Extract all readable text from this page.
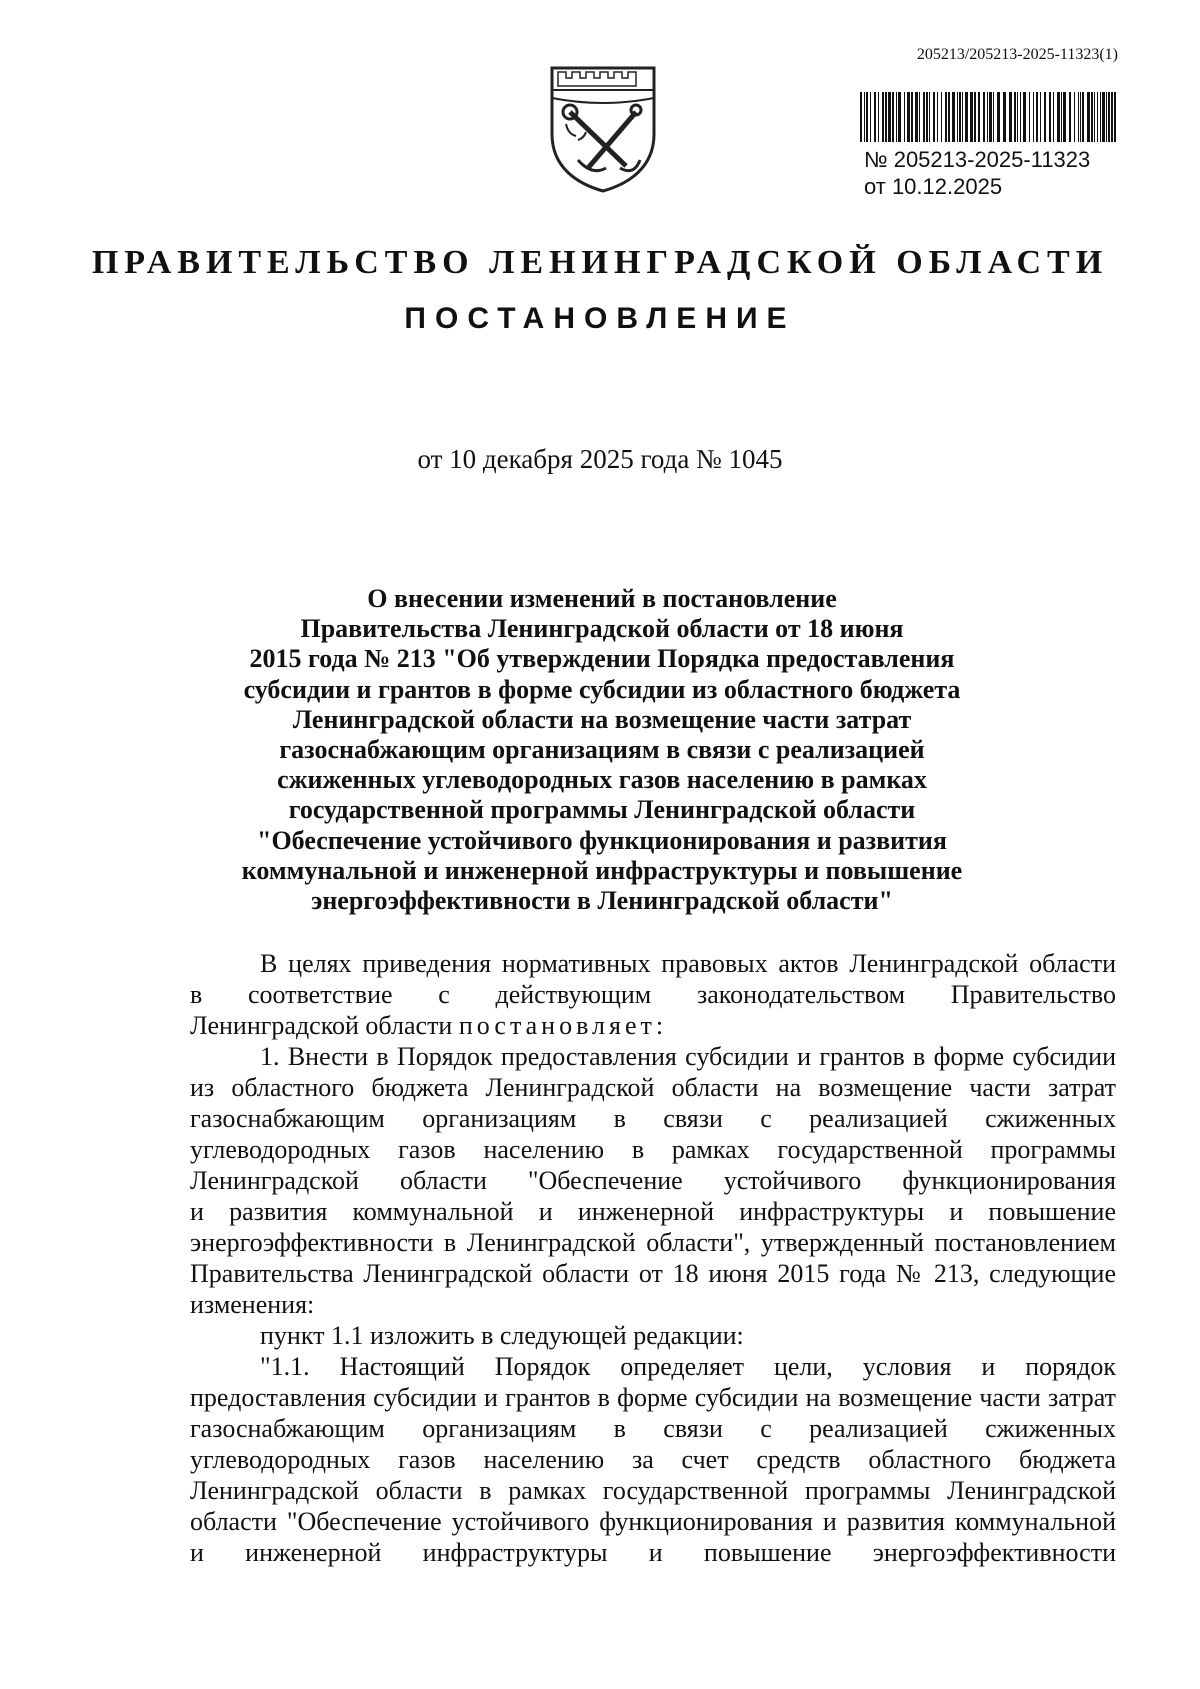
205213/205213-2025-11323(1)
№ 205213-2025-11323
от 10.12.2025
ПРАВИТЕЛЬСТВО ЛЕНИНГРАДСКОЙ ОБЛАСТИ
ПОСТАНОВЛЕНИЕ
от 10 декабря 2025 года № 1045
О внесении изменений в постановление
Правительства Ленинградской области от 18 июня
2015 года № 213 "Об утверждении Порядка предоставления
субсидии и грантов в форме субсидии из областного бюджета
Ленинградской области на возмещение части затрат
газоснабжающим организациям в связи с реализацией
сжиженных углеводородных газов населению в рамках
государственной программы Ленинградской области
"Обеспечение устойчивого функционирования и развития
коммунальной и инженерной инфраструктуры и повышение
энергоэффективности в Ленинградской области"
В целях приведения нормативных правовых актов Ленинградской области
в соответствие с действующим законодательством Правительство
Ленинградской области постановляет:
1. Внести в Порядок предоставления субсидии и грантов в форме субсидии
из областного бюджета Ленинградской области на возмещение части затрат
газоснабжающим организациям в связи с реализацией сжиженных
углеводородных газов населению в рамках государственной программы
Ленинградской области "Обеспечение устойчивого функционирования
и развития коммунальной и инженерной инфраструктуры и повышение
энергоэффективности в Ленинградской области", утвержденный постановлением
Правительства Ленинградской области от 18 июня 2015 года № 213, следующие
изменения:
пункт 1.1 изложить в следующей редакции:
"1.1. Настоящий Порядок определяет цели, условия и порядок
предоставления субсидии и грантов в форме субсидии на возмещение части затрат
газоснабжающим организациям в связи с реализацией сжиженных
углеводородных газов населению за счет средств областного бюджета
Ленинградской области в рамках государственной программы Ленинградской
области "Обеспечение устойчивого функционирования и развития коммунальной
и инженерной инфраструктуры и повышение энергоэффективности
